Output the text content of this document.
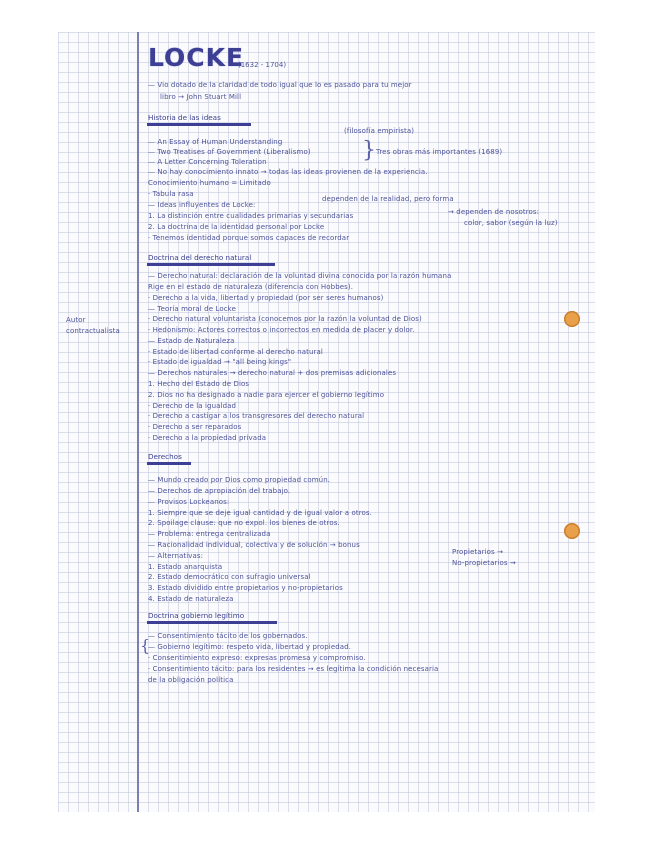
LOCKE
(1632 - 1704)
— Vio dotado de la claridad de todo igual que lo es pasado para tu mejor
libro → John Stuart Mill
Historia de las ideas
— An Essay of Human Understanding
— Two Treatises of Government (Liberalismo)
— A Letter Concerning Toleration
— No hay conocimiento innato → todas las ideas provienen de la experiencia.
Conocimiento humano = Limitado
· Tabula rasa
— Ideas influyentes de Locke:
1. La distinción entre cualidades primarias y secundarias
2. La doctrina de la identidad personal por Locke
· Tenemos identidad porque somos capaces de recordar
(filosofía empirista)
} Tres obras más importantes (1689)
dependen de la realidad, pero forma
→ dependen de nosotros:
color, sabor (según la luz)
Doctrina del derecho natural
— Derecho natural: declaración de la voluntad divina conocida por la razón humana
Rige en el estado de naturaleza (diferencia con Hobbes).
· Derecho a la vida, libertad y propiedad (por ser seres humanos)
— Teoría moral de Locke
· Derecho natural voluntarista (conocemos por la razón la voluntad de Dios)
· Hedonismo: Actores correctos o incorrectos en medida de placer y dolor.
— Estado de Naturaleza
· Estado de libertad conforme al derecho natural
· Estado de igualdad → "all being kings"
— Derechos naturales → derecho natural + dos premisas adicionales
1. Hecho del Estado de Dios
2. Dios no ha designado a nadie para ejercer el gobierno legítimo
· Derecho de la igualdad
· Derecho a castigar a los transgresores del derecho natural
· Derecho a ser reparados
· Derecho a la propiedad privada
Autor
contractualista
Derechos
— Mundo creado por Dios como propiedad común.
— Derechos de apropiación del trabajo.
— Provisos Lockeanos:
1. Siempre que se deje igual cantidad y de igual valor a otros.
2. Spoilage clause: que no expol. los bienes de otros.
— Problema: entrega centralizada
— Racionalidad individual, colectiva y de solución → bonus
— Alternativas:
1. Estado anarquista
2. Estado democrático con sufragio universal
3. Estado dividido entre propietarios y no-propietarios
4. Estado de naturaleza
Propietarios →
No-propietarios →
Doctrina gobierno legítimo
— Consentimiento tácito de los gobernados.
{
— Gobierno legítimo: respeto vida, libertad y propiedad.
· Consentimiento expreso: expresas promesa y compromiso.
· Consentimiento tácito: para los residentes → es legítima la condición necesaria
de la obligación política
